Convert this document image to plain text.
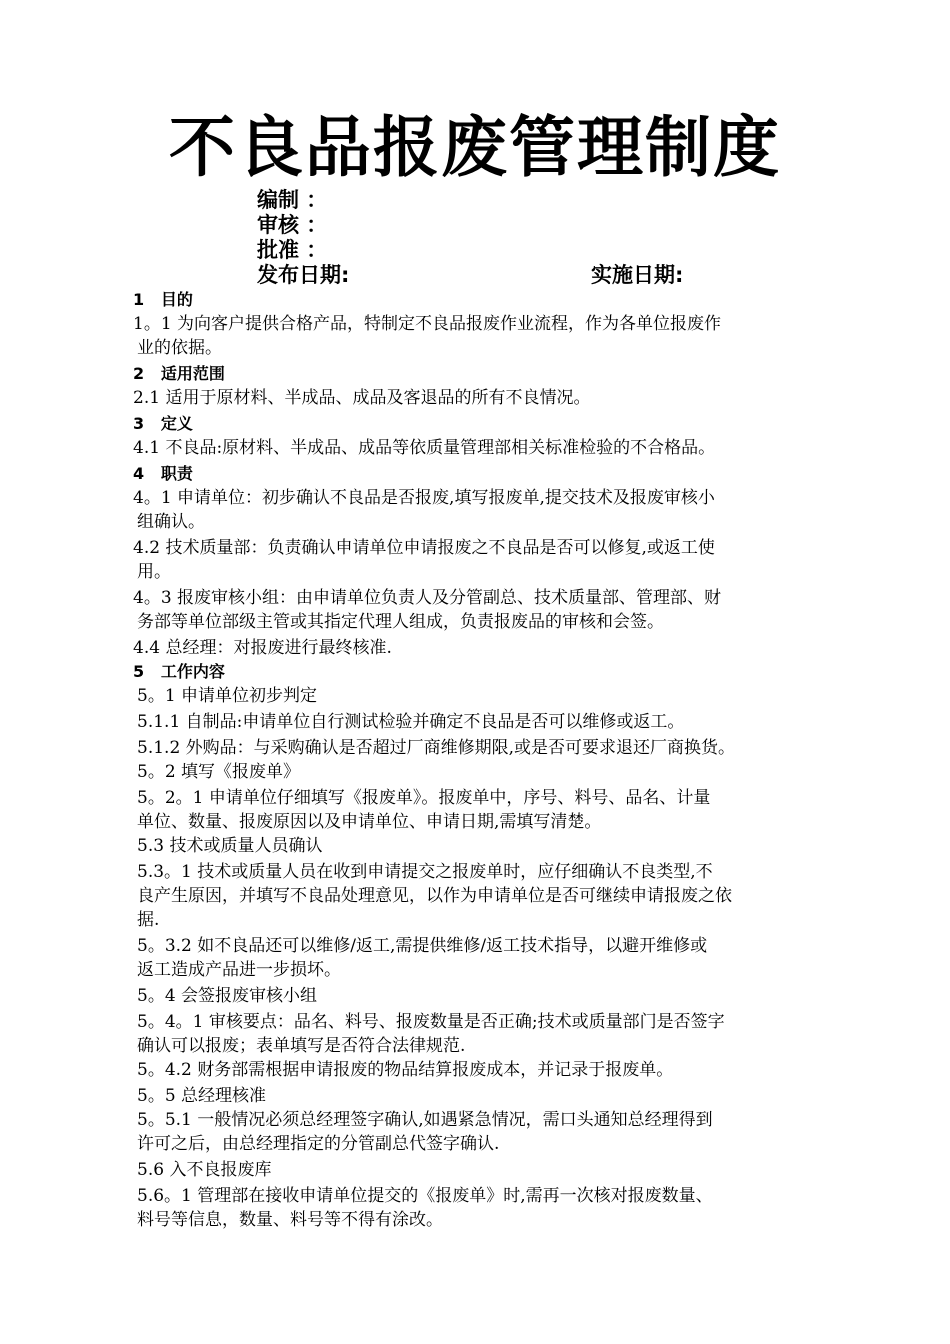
不良品报废管理制度
编制 ：
审核 ：
批准 ：
发布日期:	实施日期:
1   目的
1。1 为向客户提供合格产品，特制定不良品报废作业流程，作为各单位报废作
业的依据。
2   适用范围
2.1 适用于原材料、半成品、成品及客退品的所有不良情况。
3   定义
4.1 不良品:原材料、半成品、成品等依质量管理部相关标准检验的不合格品。
4   职责
4。1 申请单位：初步确认不良品是否报废,填写报废单,提交技术及报废审核小
组确认。
4.2 技术质量部：负责确认申请单位申请报废之不良品是否可以修复,或返工使
用。
4。3 报废审核小组：由申请单位负责人及分管副总、技术质量部、管理部、财
务部等单位部级主管或其指定代理人组成，负责报废品的审核和会签。
4.4 总经理：对报废进行最终核准.
5   工作内容
5。1 申请单位初步判定
5.1.1 自制品:申请单位自行测试检验并确定不良品是否可以维修或返工。
5.1.2 外购品：与采购确认是否超过厂商维修期限,或是否可要求退还厂商换货。
5。2 填写《报废单》
5。2。1 申请单位仔细填写《报废单》。报废单中，序号、料号、品名、计量
单位、数量、报废原因以及申请单位、申请日期,需填写清楚。
5.3 技术或质量人员确认
5.3。1 技术或质量人员在收到申请提交之报废单时，应仔细确认不良类型,不
良产生原因，并填写不良品处理意见，以作为申请单位是否可继续申请报废之依
据.
5。3.2 如不良品还可以维修/返工,需提供维修/返工技术指导，以避开维修或
返工造成产品进一步损坏。
5。4 会签报废审核小组
5。4。1 审核要点：品名、料号、报废数量是否正确;技术或质量部门是否签字
确认可以报废；表单填写是否符合法律规范.
5。4.2 财务部需根据申请报废的物品结算报废成本，并记录于报废单。
5。5 总经理核准
5。5.1 一般情况必须总经理签字确认,如遇紧急情况，需口头通知总经理得到
许可之后，由总经理指定的分管副总代签字确认.
5.6 入不良报废库
5.6。1 管理部在接收申请单位提交的《报废单》时,需再一次核对报废数量、
料号等信息，数量、料号等不得有涂改。
